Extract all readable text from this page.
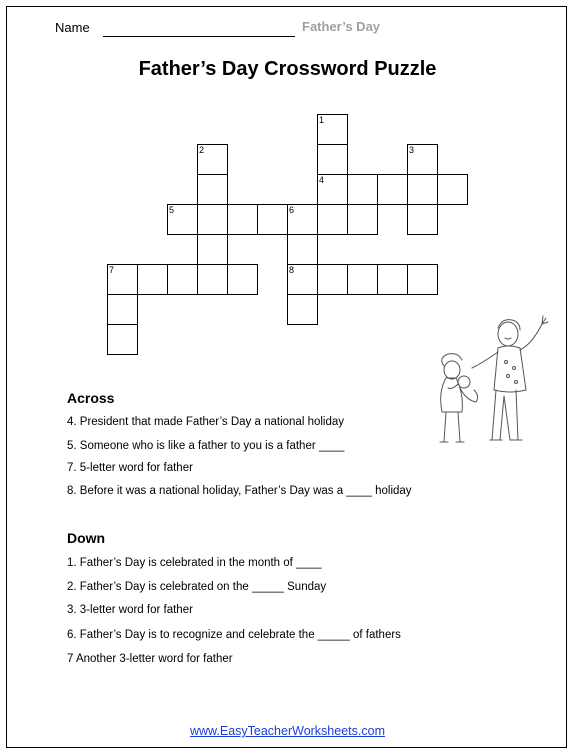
Name	Father’s Day
Father’s Day Crossword Puzzle
1
4
3
2
5	6
8
7
Across
4. President that made Father’s Day a national holiday
5. Someone who is like a father to you is a father ____
7. 5-letter word for father
8. Before it was a national holiday, Father’s Day was a ____ holiday
Down
1. Father’s Day is celebrated in the month of ____
2. Father’s Day is celebrated on the _____ Sunday
3. 3-letter word for father
6. Father’s Day is to recognize and celebrate the _____ of fathers
7 Another 3-letter word for father
www.EasyTeacherWorksheets.com
